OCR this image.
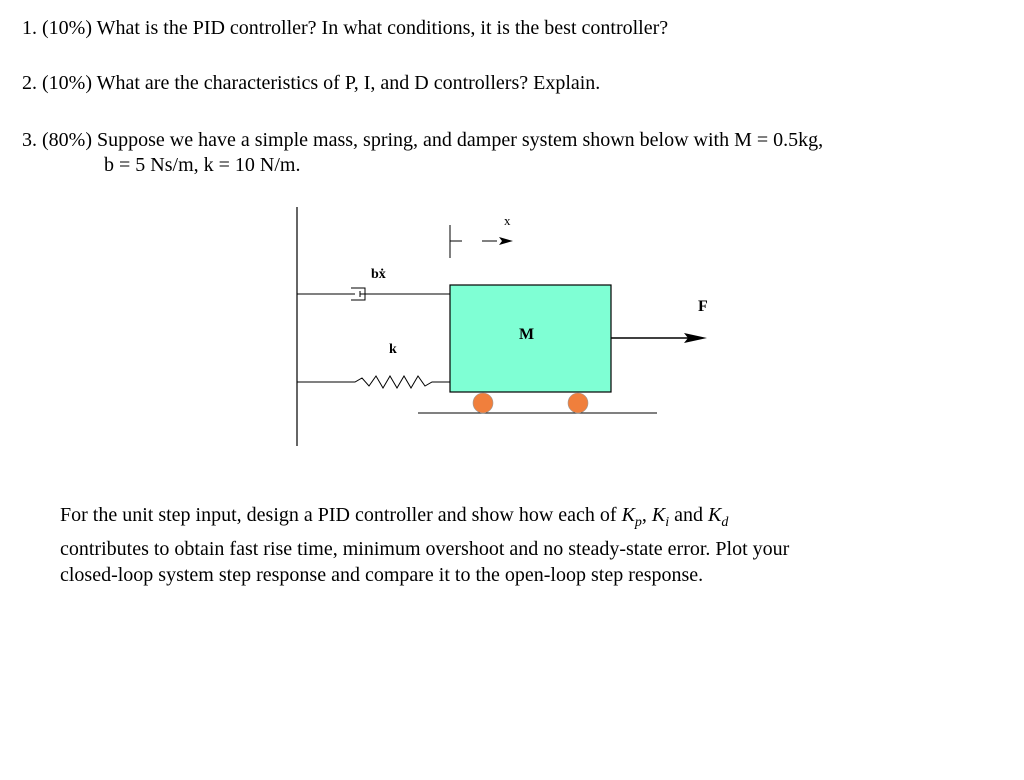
1. (10%) What is the PID controller? In what conditions, it is the best controller?
2. (10%) What are the characteristics of P, I, and D controllers? Explain.
3. (80%) Suppose we have a simple mass, spring, and damper system shown below with M = 0.5kg,
b = 5 Ns/m, k = 10 N/m.
x
bẋ
k
M
F
For the unit step input, design a PID controller and show how each of $K_p$, $K_i$ and $K_d$
contributes to obtain fast rise time, minimum overshoot and no steady-state error. Plot your
closed-loop system step response and compare it to the open-loop step response.
